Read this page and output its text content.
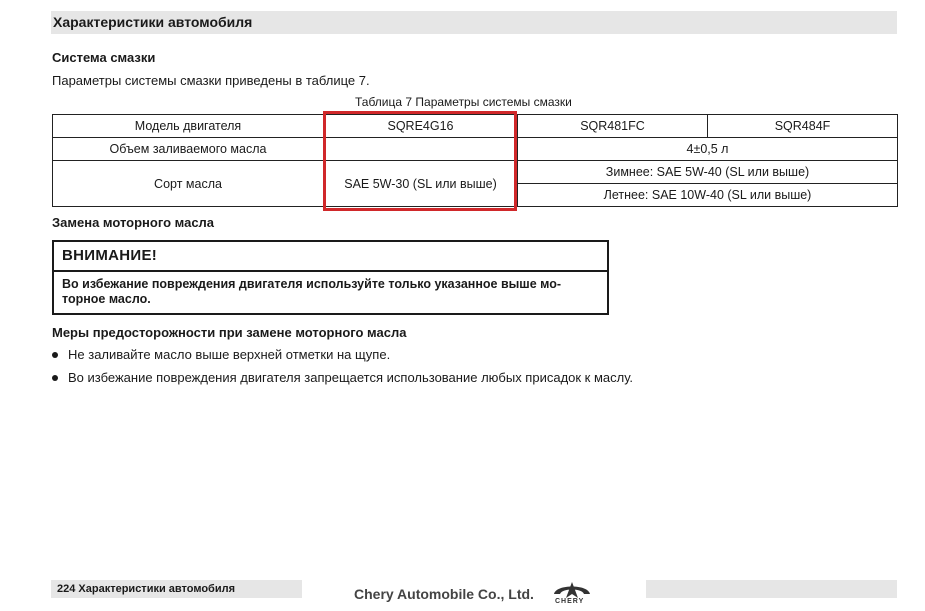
Характеристики автомобиля
Система смазки
Параметры системы смазки приведены в таблице 7.
Таблица 7 Параметры системы смазки
Модель двигателя	SQRE4G16	SQR481FC	SQR484F
Объем заливаемого масла		4±0,5 л	
Сорт масла	SAE 5W-30 (SL или выше)	Зимнее: SAE 5W-40 (SL или выше)	
		Летнее: SAE 10W-40 (SL или выше)	
Замена моторного масла
ВНИМАНИЕ!
Во избежание повреждения двигателя используйте только указанное выше мо-торное масло.
Меры предосторожности при замене моторного масла
Не заливайте масло выше верхней отметки на щупе.
Во избежание повреждения двигателя запрещается использование любых присадок к маслу.
224 Характеристики автомобиля	Chery Automobile Co., Ltd.	CHERY
